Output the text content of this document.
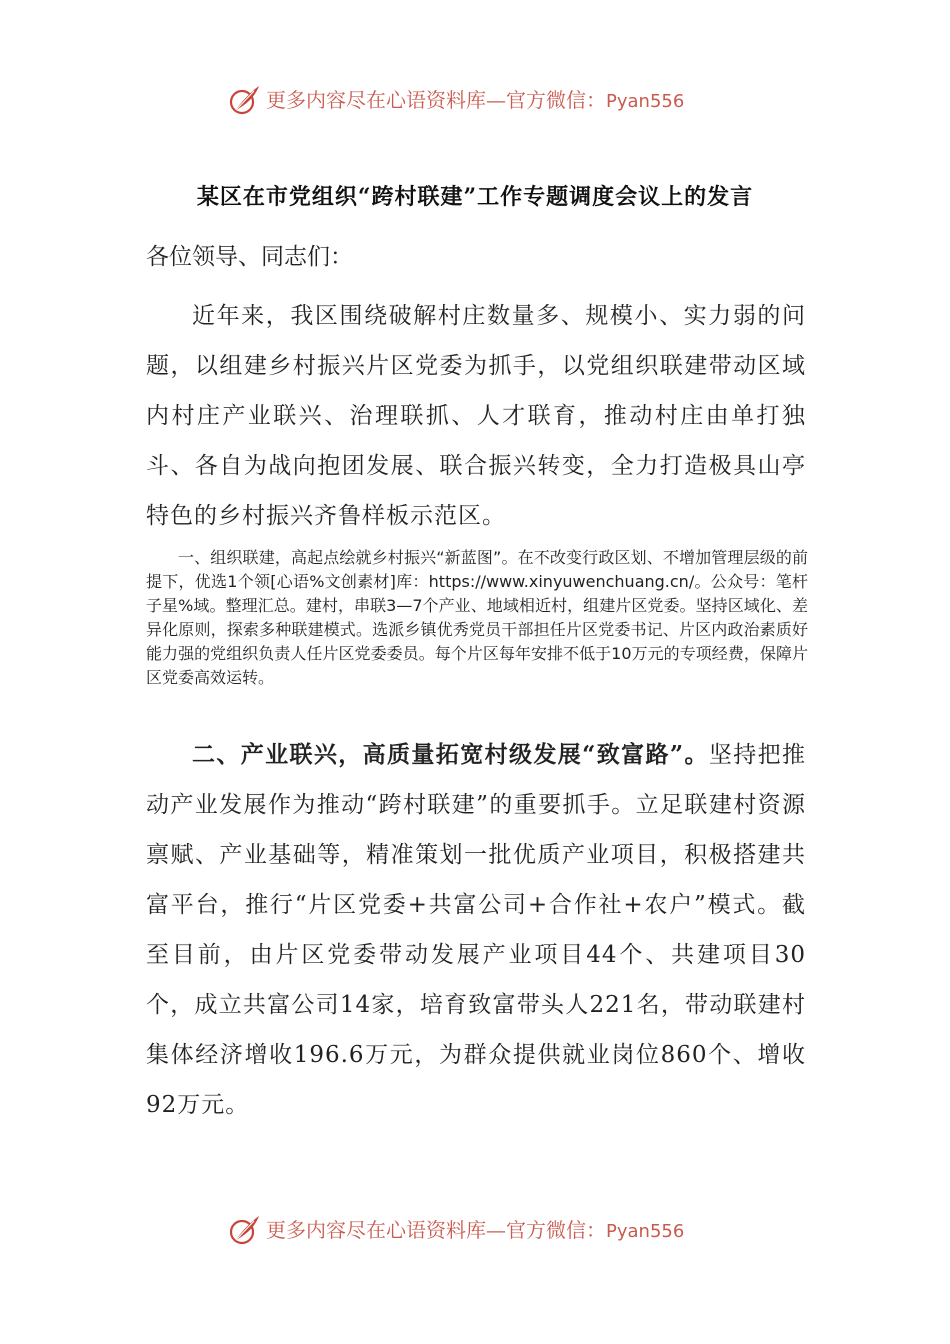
更多内容尽在心语资料库—官方微信：Pyan556
某区在市党组织“跨村联建”工作专题调度会议上的发言
各位领导、同志们：

近年来，我区围绕破解村庄数量多、规模小、实力弱的问题，以组建乡村振兴片区党委为抓手，以党组织联建带动区域内村庄产业联兴、治理联抓、人才联育，推动村庄由单打独斗、各自为战向抱团发展、联合振兴转变，全力打造极具山亭特色的乡村振兴齐鲁样板示范区。

一、组织联建，高起点绘就乡村振兴“新蓝图”。在不改变行政区划、不增加管理层级的前提下，优选1个领[心语%文创素材]库：https://www.xinyuwenchuang.cn/。公众号：笔杆子星%域。整理汇总。建村，串联3—7个产业、地域相近村，组建片区党委。坚持区域化、差异化原则，探索多种联建模式。选派乡镇优秀党员干部担任片区党委书记、片区内政治素质好能力强的党组织负责人任片区党委委员。每个片区每年安排不低于10万元的专项经费，保障片区党委高效运转。

二、产业联兴，高质量拓宽村级发展“致富路”。坚持把推动产业发展作为推动“跨村联建”的重要抓手。立足联建村资源禀赋、产业基础等，精准策划一批优质产业项目，积极搭建共富平台，推行“片区党委+共富公司+合作社+农户”模式。截至目前，由片区党委带动发展产业项目44个、共建项目30个，成立共富公司14家，培育致富带头人221名，带动联建村集体经济增收196.6万元，为群众提供就业岗位860个、增收92万元。

更多内容尽在心语资料库—官方微信：Pyan556
